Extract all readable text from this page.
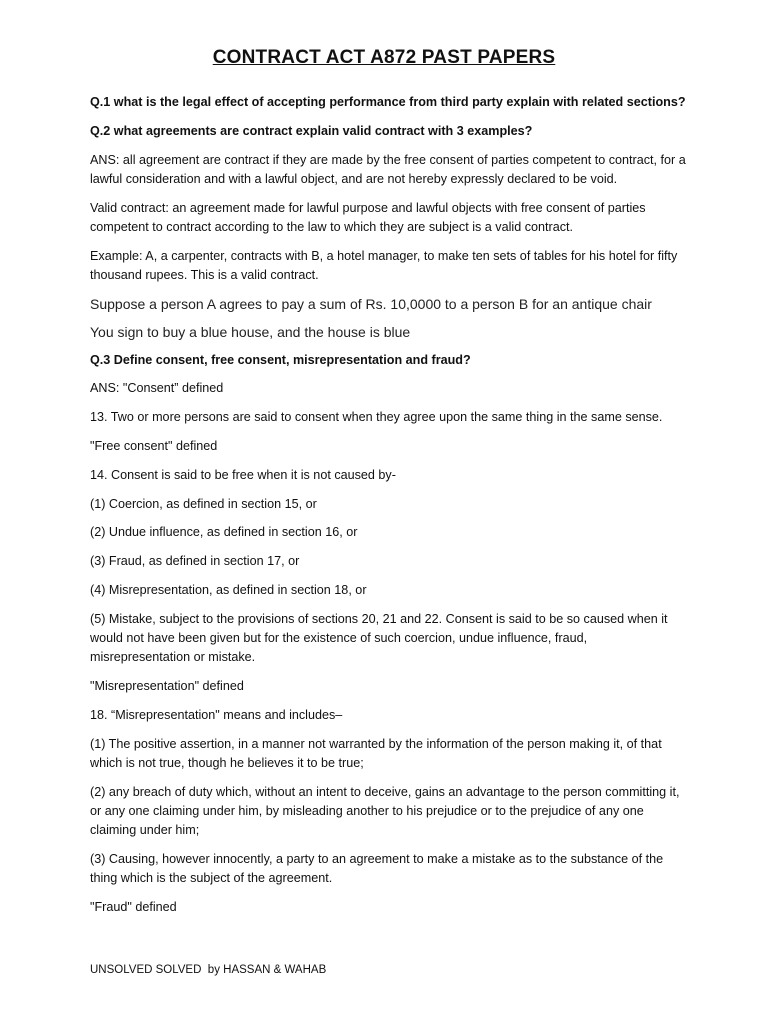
CONTRACT ACT A872 PAST PAPERS

Q.1 what is the legal effect of accepting performance from third party explain with related sections?

Q.2 what agreements are contract explain valid contract with 3 examples?

ANS: all agreement are contract if they are made by the free consent of parties competent to contract, for a lawful consideration and with a lawful object, and are not hereby expressly declared to be void.

Valid contract: an agreement made for lawful purpose and lawful objects with free consent of parties competent to contract according to the law to which they are subject is a valid contract.

Example: A, a carpenter, contracts with B, a hotel manager, to make ten sets of tables for his hotel for fifty thousand rupees. This is a valid contract.

Suppose a person A agrees to pay a sum of Rs. 10,0000 to a person B for an antique chair

You sign to buy a blue house, and the house is blue

Q.3 Define consent, free consent, misrepresentation and fraud?

ANS: "Consent” defined

13. Two or more persons are said to consent when they agree upon the same thing in the same sense.

"Free consent" defined

14. Consent is said to be free when it is not caused by-

(1) Coercion, as defined in section 15, or

(2) Undue influence, as defined in section 16, or

(3) Fraud, as defined in section 17, or

(4) Misrepresentation, as defined in section 18, or

(5) Mistake, subject to the provisions of sections 20, 21 and 22. Consent is said to be so caused when it would not have been given but for the existence of such coercion, undue influence, fraud, misrepresentation or mistake.

"Misrepresentation" defined

18. “Misrepresentation" means and includes–

(1) The positive assertion, in a manner not warranted by the information of the person making it, of that which is not true, though he believes it to be true;

(2) any breach of duty which, without an intent to deceive, gains an advantage to the person committing it, or any one claiming under him, by misleading another to his prejudice or to the prejudice of any one claiming under him;

(3) Causing, however innocently, a party to an agreement to make a mistake as to the substance of the thing which is the subject of the agreement.

"Fraud" defined

UNSOLVED SOLVED  by HASSAN & WAHAB
